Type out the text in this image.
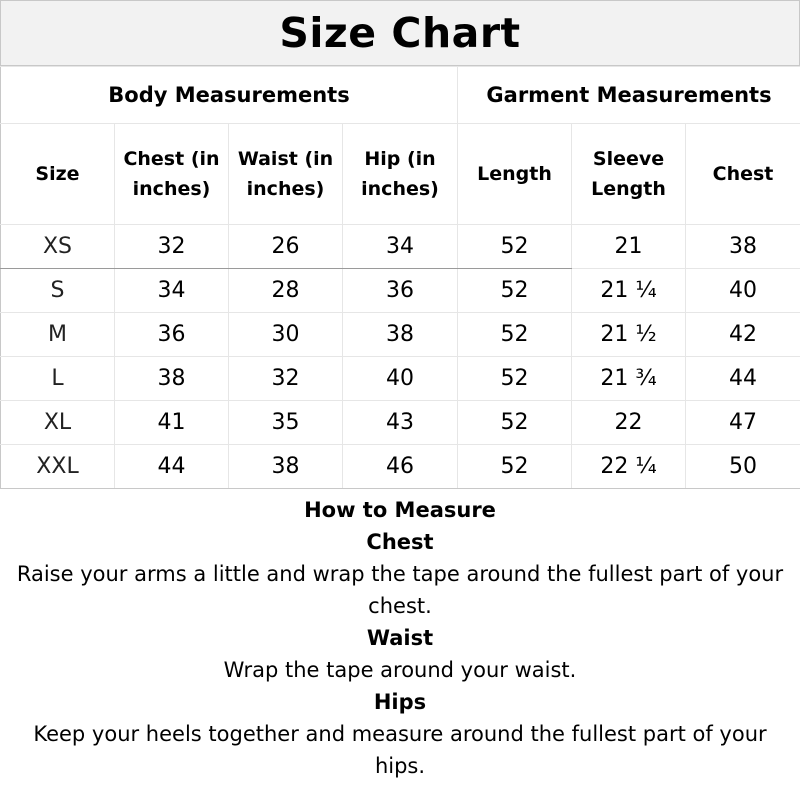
Size Chart
Body Measurements				Garment Measurements		
Size	Chest (in inches)	Waist (in inches)	Hip (in inches)	Length	Sleeve Length	Chest
XS	32	26	34	52	21	38
S	34	28	36	52	21 ¼	40
M	36	30	38	52	21 ½	42
L	38	32	40	52	21 ¾	44
XL	41	35	43	52	22	47
XXL	44	38	46	52	22 ¼	50
How to Measure
Chest
Raise your arms a little and wrap the tape around the fullest part of your chest.
Waist
Wrap the tape around your waist.
Hips
Keep your heels together and measure around the fullest part of your hips.
